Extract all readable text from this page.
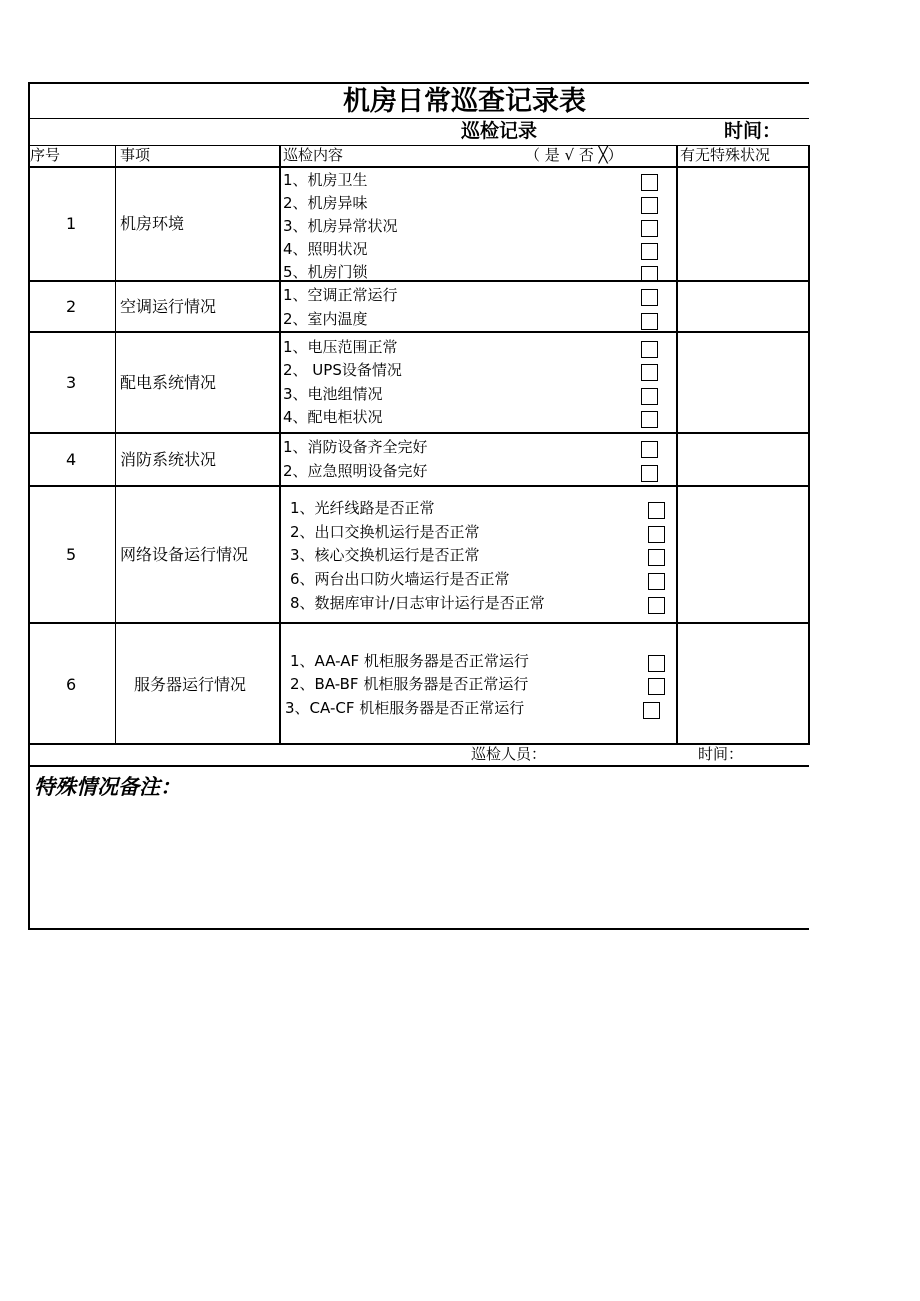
机房日常巡查记录表
巡检记录	时间：
序号	事项	巡检内容	（ 是 √ 否 ╳）	有无特殊状况
1	机房环境
1、机房卫生
2、机房异味
3、机房异常状况
4、照明状况
5、机房门锁
2	空调运行情况
1、空调正常运行
2、室内温度
3	配电系统情况
1、电压范围正常
2、 UPS设备情况
3、电池组情况
4、配电柜状况
4	消防系统状况
1、消防设备齐全完好
2、应急照明设备完好
5	网络设备运行情况
1、光纤线路是否正常
2、出口交换机运行是否正常
3、核心交换机运行是否正常
6、两台出口防火墙运行是否正常
8、数据库审计/日志审计运行是否正常
6	服务器运行情况
1、AA-AF 机柜服务器是否正常运行
2、BA-BF 机柜服务器是否正常运行
3、CA-CF 机柜服务器是否正常运行
巡检人员：	时间：
特殊情况备注：
